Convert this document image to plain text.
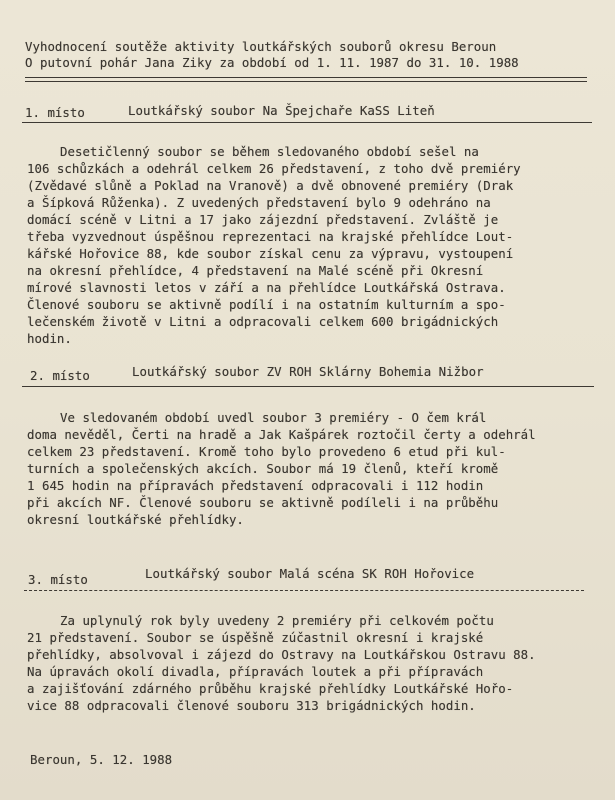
Vyhodnocení soutěže aktivity loutkářských souborů okresu Beroun
O putovní pohár Jana Ziky za období od 1. 11. 1987 do 31. 10. 1988
1. místo	Loutkářský soubor Na Špejchaře KaSS Liteň
Desetičlenný soubor se během sledovaného období sešel na
106 schůzkách a odehrál celkem 26 představení, z toho dvě premiéry
(Zvědavé slůně a Poklad na Vranově) a dvě obnovené premiéry (Drak
a Šípková Růženka). Z uvedených představení bylo 9 odehráno na
domácí scéně v Litni a 17 jako zájezdní představení. Zvláště je
třeba vyzvednout úspěšnou reprezentaci na krajské přehlídce Lout-
kářské Hořovice 88, kde soubor získal cenu za výpravu, vystoupení
na okresní přehlídce, 4 představení na Malé scéně při Okresní
mírové slavnosti letos v září a na přehlídce Loutkářská Ostrava.
Členové souboru se aktivně podílí i na ostatním kulturním a spo-
lečenském životě v Litni a odpracovali celkem 600 brigádnických
hodin.
2. místo	Loutkářský soubor ZV ROH Sklárny Bohemia Nižbor
Ve sledovaném období uvedl soubor 3 premiéry - O čem král
doma nevěděl, Čerti na hradě a Jak Kašpárek roztočil čerty a odehrál
celkem 23 představení. Kromě toho bylo provedeno 6 etud při kul-
turních a společenských akcích. Soubor má 19 členů, kteří kromě
1 645 hodin na přípravách představení odpracovali i 112 hodin
při akcích NF. Členové souboru se aktivně podíleli i na průběhu
okresní loutkářské přehlídky.
3. místo	Loutkářský soubor Malá scéna SK ROH Hořovice
Za uplynulý rok byly uvedeny 2 premiéry při celkovém počtu
21 představení. Soubor se úspěšně zúčastnil okresní i krajské
přehlídky, absolvoval i zájezd do Ostravy na Loutkářskou Ostravu 88.
Na úpravách okolí divadla, přípravách loutek a při přípravách
a zajišťování zdárného průběhu krajské přehlídky Loutkářské Hořo-
vice 88 odpracovali členové souboru 313 brigádnických hodin.
Beroun, 5. 12. 1988
